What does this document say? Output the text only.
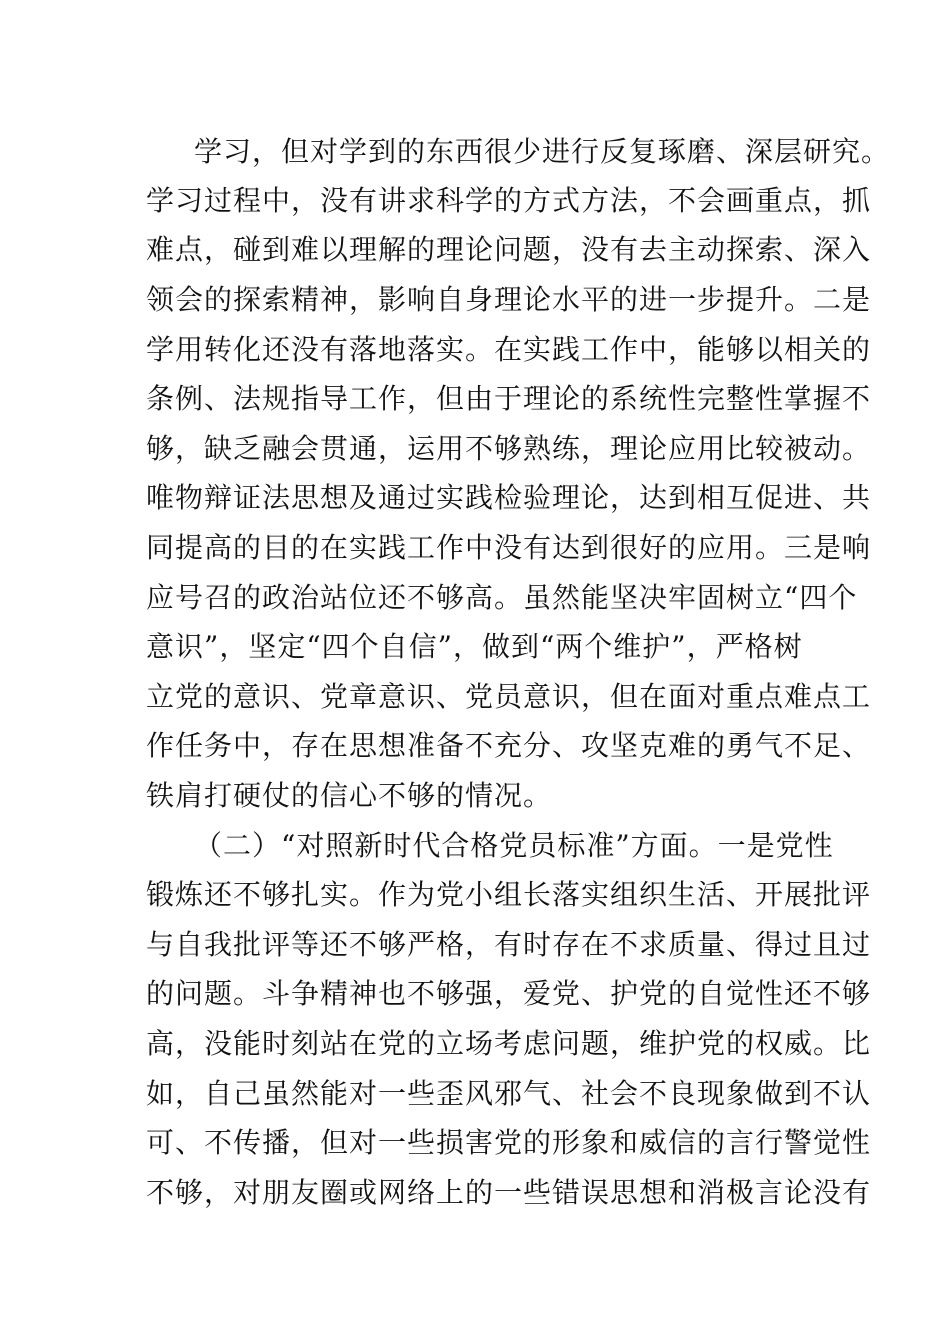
学习，但对学到的东西很少进行反复琢磨、深层研究。
学习过程中，没有讲求科学的方式方法，不会画重点，抓
难点，碰到难以理解的理论问题，没有去主动探索、深入
领会的探索精神，影响自身理论水平的进一步提升。二是
学用转化还没有落地落实。在实践工作中，能够以相关的
条例、法规指导工作，但由于理论的系统性完整性掌握不
够，缺乏融会贯通，运用不够熟练，理论应用比较被动。
唯物辩证法思想及通过实践检验理论，达到相互促进、共
同提高的目的在实践工作中没有达到很好的应用。三是响
应号召的政治站位还不够高。虽然能坚决牢固树立“四个
意识”，坚定“四个自信”，做到“两个维护”，严格树
立党的意识、党章意识、党员意识，但在面对重点难点工
作任务中，存在思想准备不充分、攻坚克难的勇气不足、
铁肩打硬仗的信心不够的情况。
（二）“对照新时代合格党员标准”方面。一是党性
锻炼还不够扎实。作为党小组长落实组织生活、开展批评
与自我批评等还不够严格，有时存在不求质量、得过且过
的问题。斗争精神也不够强，爱党、护党的自觉性还不够
高，没能时刻站在党的立场考虑问题，维护党的权威。比
如，自己虽然能对一些歪风邪气、社会不良现象做到不认
可、不传播，但对一些损害党的形象和威信的言行警觉性
不够，对朋友圈或网络上的一些错误思想和消极言论没有
